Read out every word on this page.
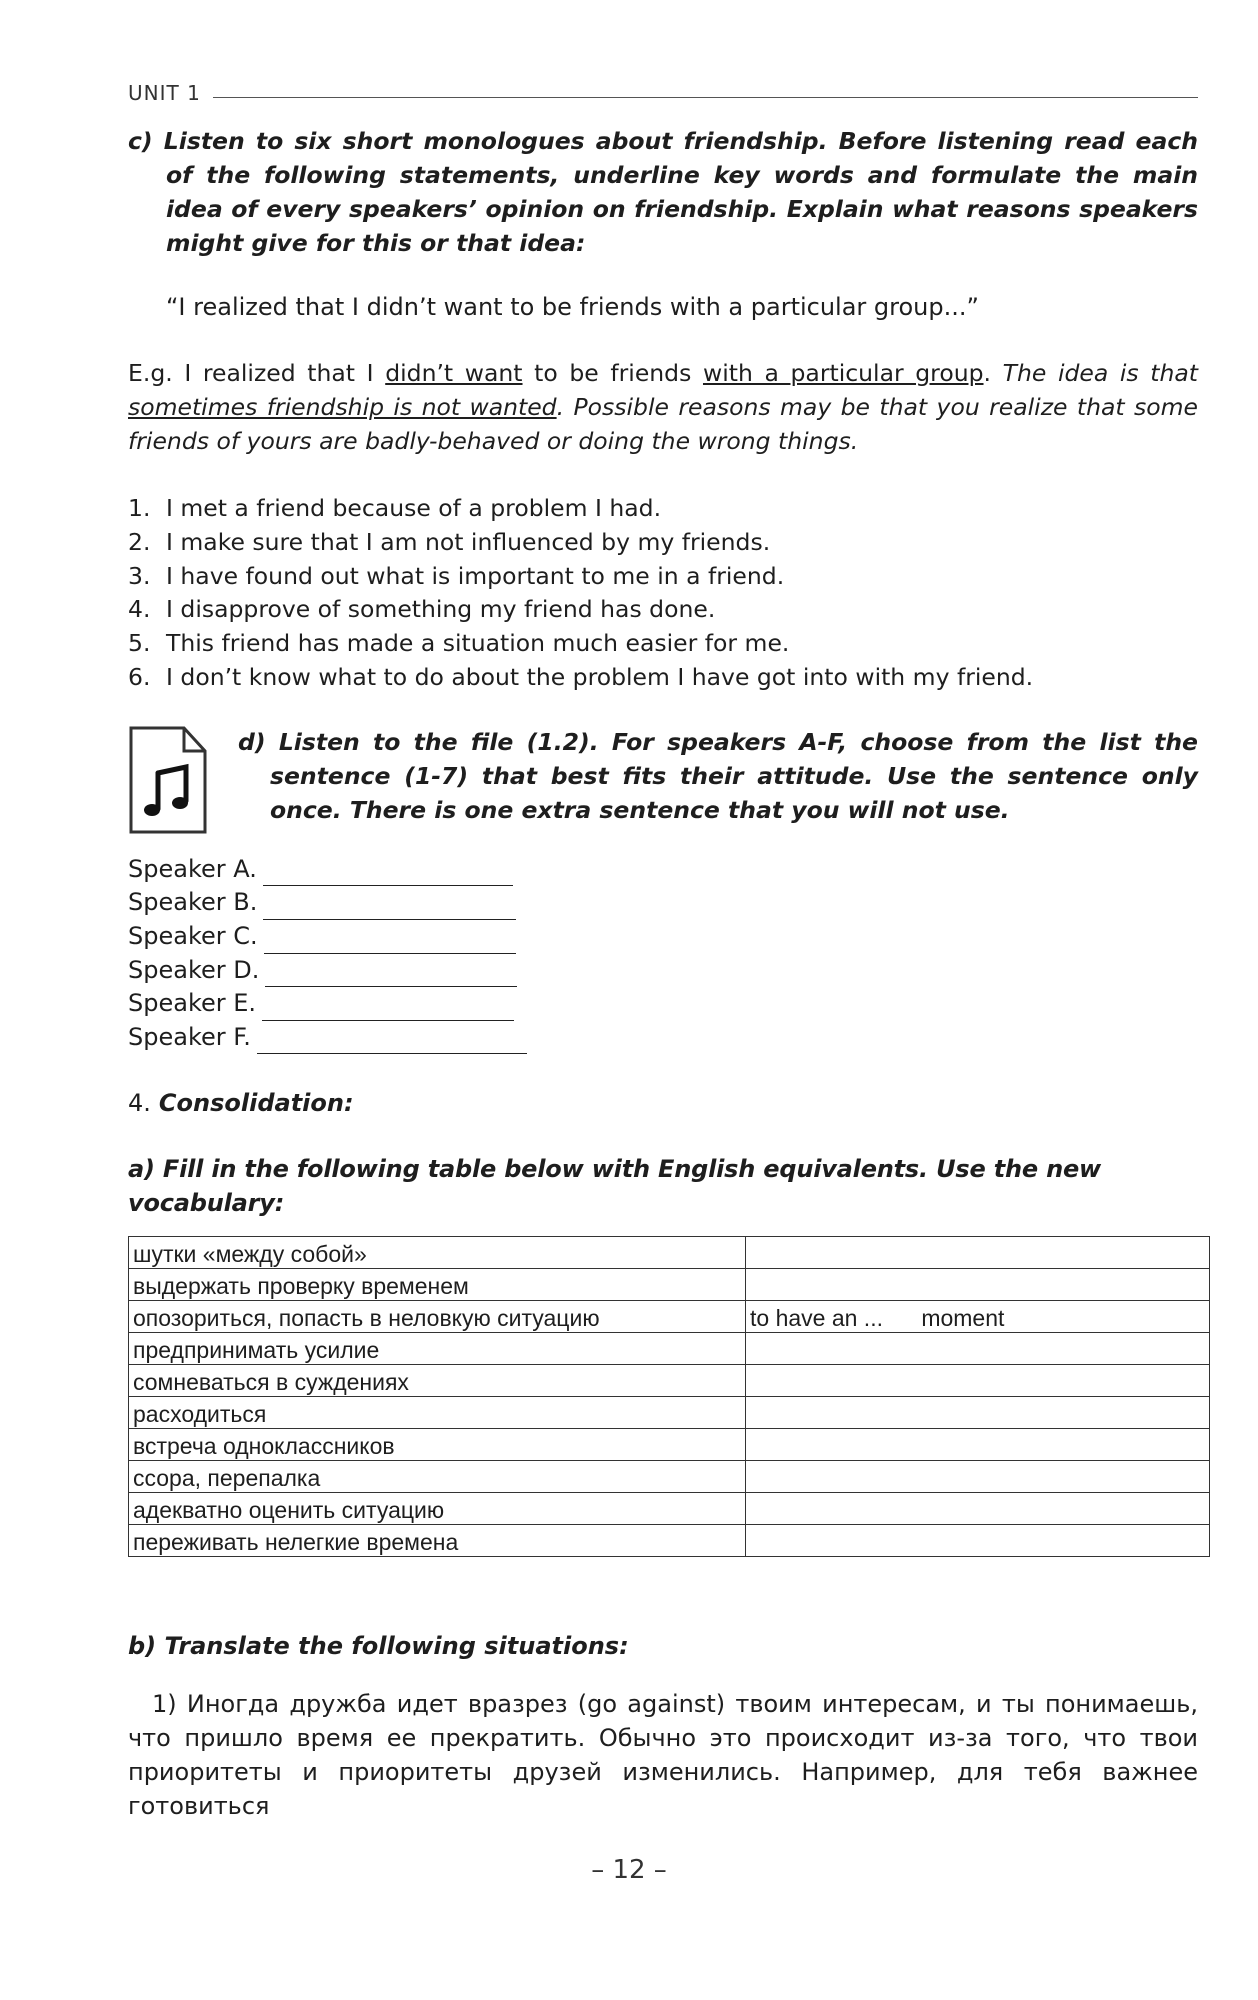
UNIT 1
c) Listen to six short monologues about friendship. Before listening read each of the following statements, underline key words and formulate the main idea of every speakers’ opinion on friendship. Explain what reasons speakers might give for this or that idea:
“I realized that I didn’t want to be friends with a particular group...”
E.g. I realized that I didn’t want to be friends with a particular group. The idea is that sometimes friendship is not wanted. Possible reasons may be that you realize that some friends of yours are badly-behaved or doing the wrong things.
1. I met a friend because of a problem I had.
2. I make sure that I am not influenced by my friends.
3. I have found out what is important to me in a friend.
4. I disapprove of something my friend has done.
5. This friend has made a situation much easier for me.
6. I don’t know what to do about the problem I have got into with my friend.
d) Listen to the file (1.2). For speakers A-F, choose from the list the sentence (1-7) that best fits their attitude. Use the sentence only once. There is one extra sentence that you will not use.
Speaker A.
Speaker B.
Speaker C.
Speaker D.
Speaker E.
Speaker F.
4. Consolidation:
a) Fill in the following table below with English equivalents. Use the new vocabulary:
шутки «между собой»	
выдержать проверку временем	
опозориться, попасть в неловкую ситуацию	to have an ...      moment
предпринимать усилие	
сомневаться в суждениях	
расходиться	
встреча одноклассников	
ссора, перепалка	
адекватно оценить ситуацию	
переживать нелегкие времена	
b) Translate the following situations:
1) Иногда дружба идет вразрез (go against) твоим интересам, и ты понимаешь, что пришло время ее прекратить. Обычно это происходит из-за того, что твои приоритеты и приоритеты друзей изменились. Например, для тебя важнее готовиться
– 12 –
